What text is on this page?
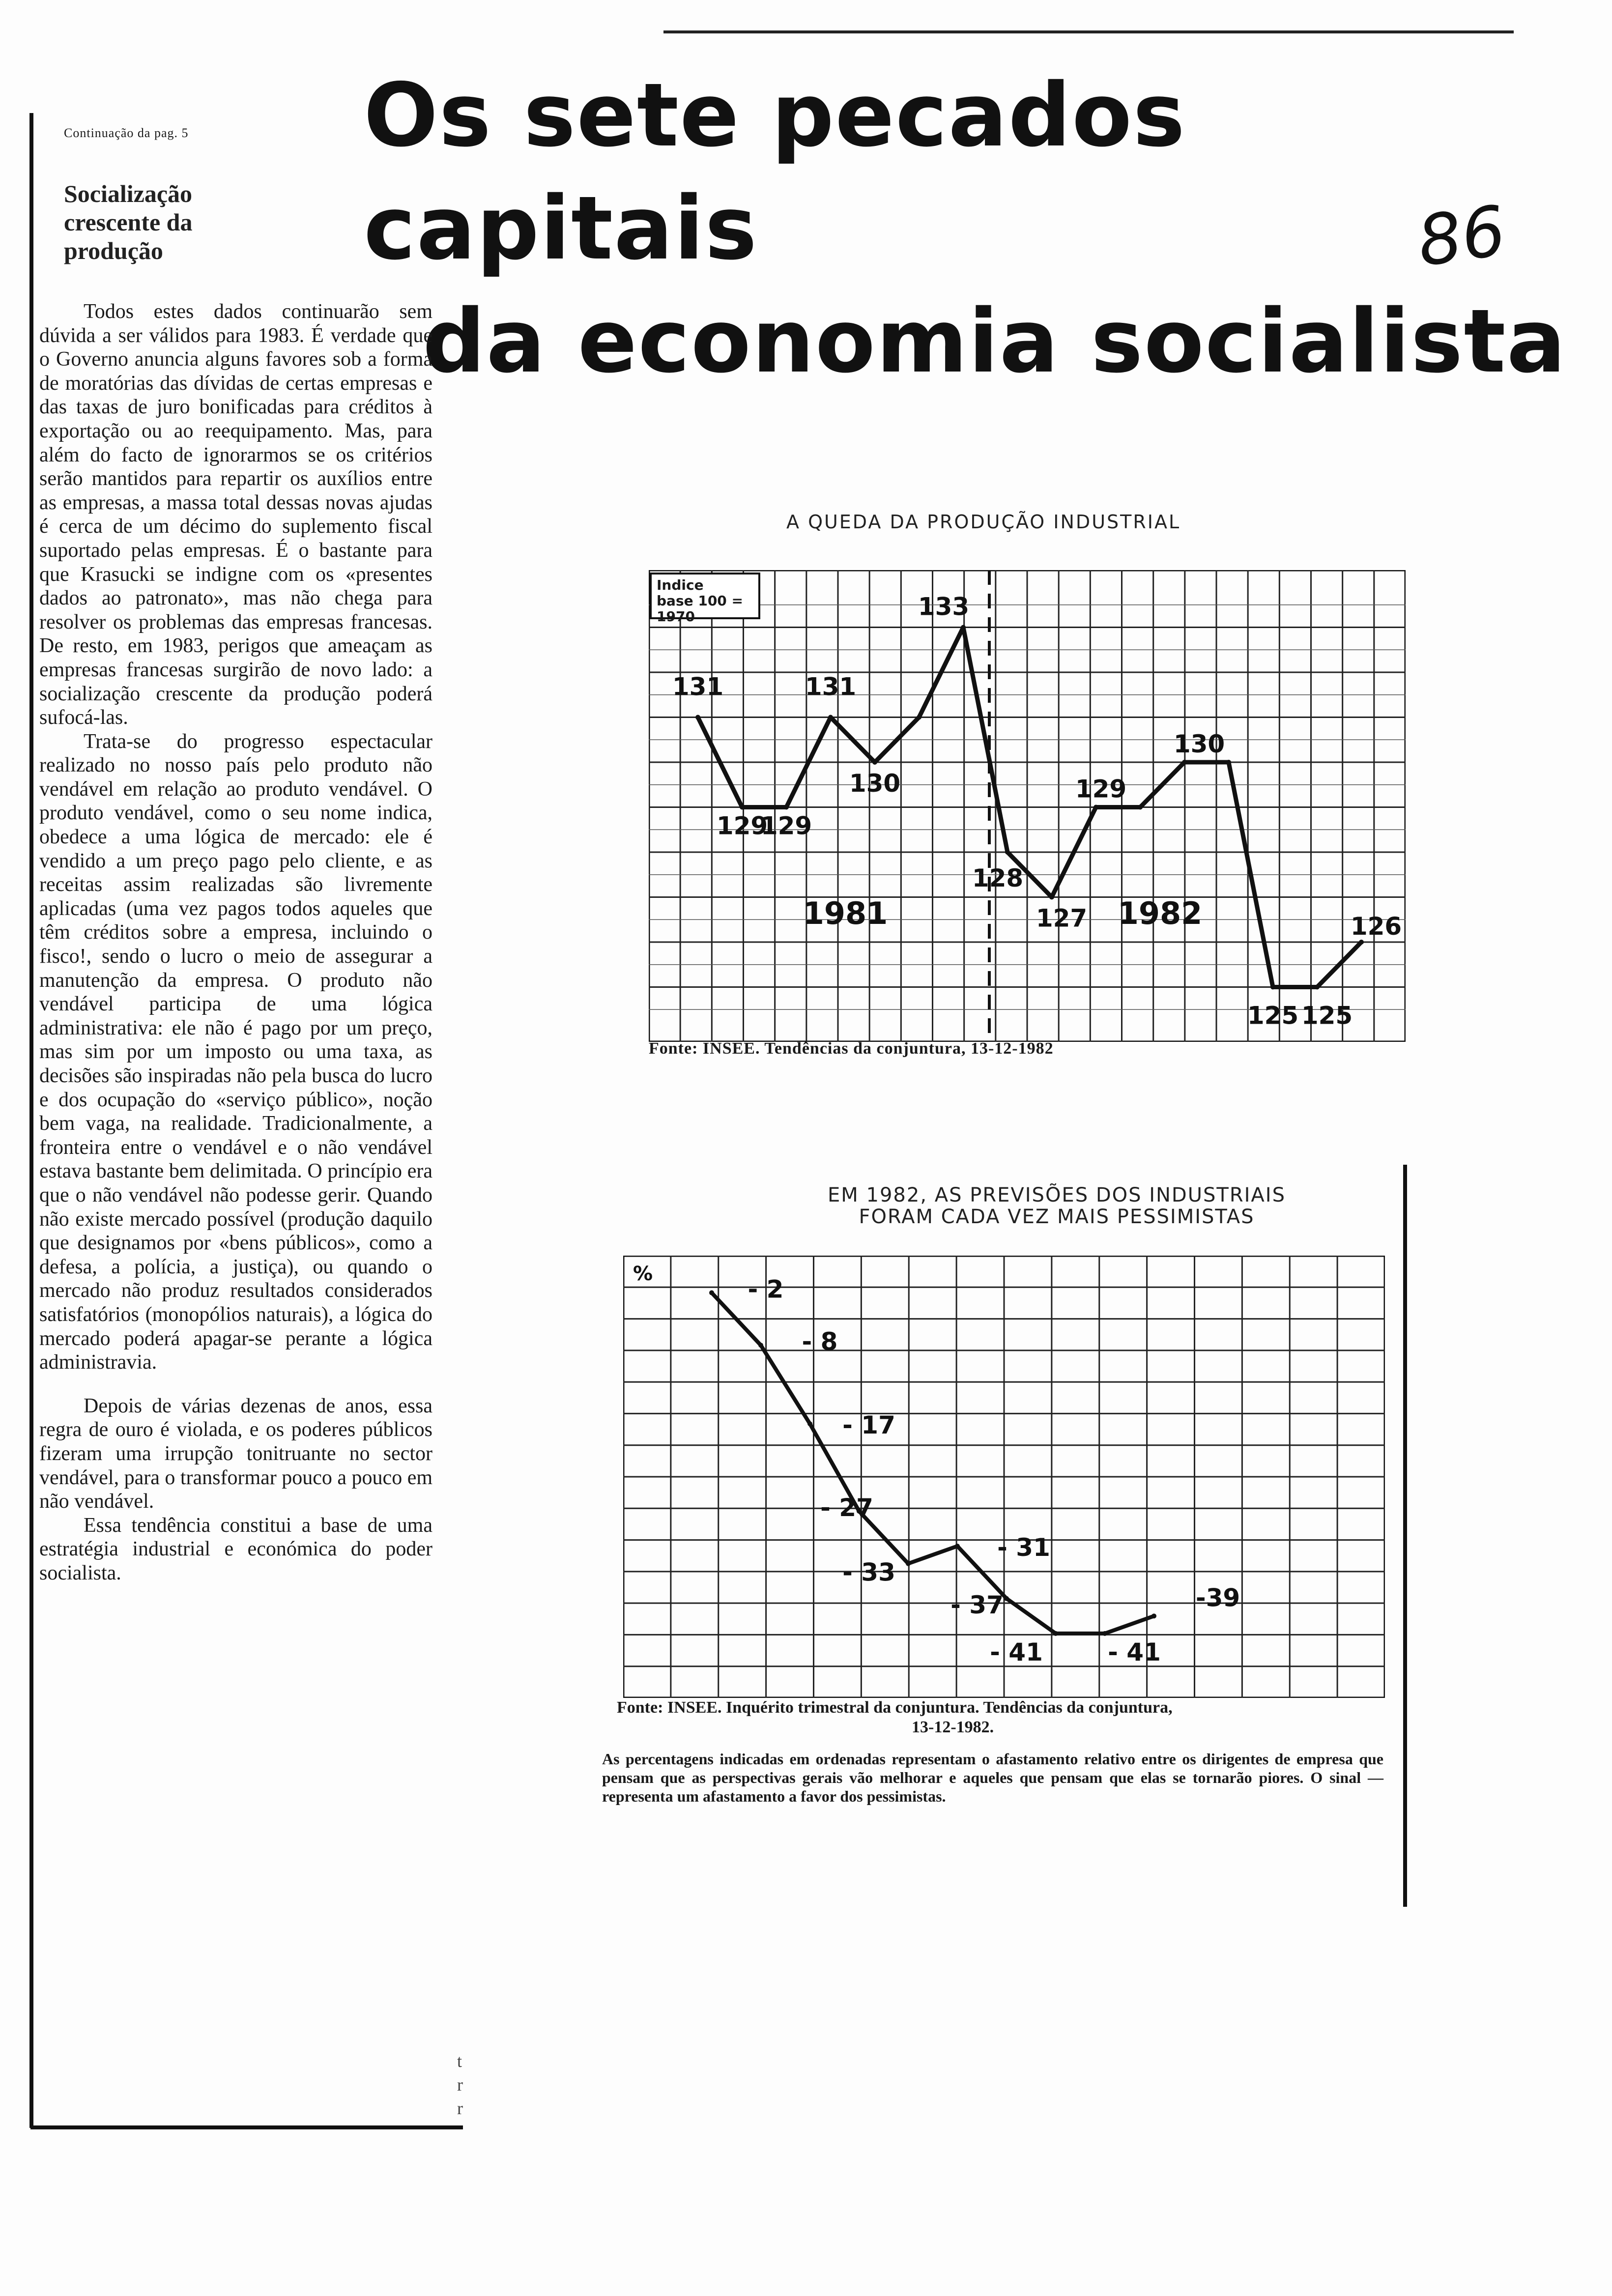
Os sete pecados capitais
da economia socialista
86
Continuação da pag. 5
Socialização crescente da produção

Todos estes dados continuarão sem dúvida a ser válidos para 1983. É verdade que o Governo anuncia alguns favores sob a forma de moratórias das dívidas de certas empresas e das taxas de juro bonificadas para créditos à exportação ou ao reequipamento. Mas, para além do facto de ignorarmos se os critérios serão mantidos para repartir os auxílios entre as empresas, a massa total dessas novas ajudas é cerca de um décimo do suplemento fiscal suportado pelas empresas. É o bastante para que Krasucki se indigne com os «presentes dados ao patronato», mas não chega para resolver os problemas das empresas francesas. De resto, em 1983, perigos que ameaçam as empresas francesas surgirão de novo lado: a socialização crescente da produção poderá sufocá-las.

Trata-se do progresso espectacular realizado no nosso país pelo produto não vendável em relação ao produto vendável. O produto vendável, como o seu nome indica, obedece a uma lógica de mercado: ele é vendido a um preço pago pelo cliente, e as receitas assim realizadas são livremente aplicadas (uma vez pagos todos aqueles que têm créditos sobre a empresa, incluindo o fisco!, sendo o lucro o meio de assegurar a manutenção da empresa. O produto não vendável participa de uma lógica administrativa: ele não é pago por um preço, mas sim por um imposto ou uma taxa, as decisões são inspiradas não pela busca do lucro e dos ocupação do «serviço público», noção bem vaga, na realidade. Tradicionalmente, a fronteira entre o vendável e o não vendável estava bastante bem delimitada. O princípio era que o não vendável não podesse gerir. Quando não existe mercado possível (produção daquilo que designamos por «bens públicos», como a defesa, a polícia, a justiça), ou quando o mercado não produz resultados considerados satisfatórios (monopólios naturais), a lógica do mercado poderá apagar-se perante a lógica administravia.

Depois de várias dezenas de anos, essa regra de ouro é violada, e os poderes públicos fizeram uma irrupção tonitruante no sector vendável, para o transformar pouco a pouco em não vendável.

Essa tendência constitui a base de uma estratégia industrial e económica do poder socialista.

t
r
r
A QUEDA DA PRODUÇÃO INDUSTRIAL
131
129
129
131
130
133
128
127
129
130
125 125
126
1981	1982
Indice
base 100 = 1970
Fonte: INSEE. Tendências da conjuntura, 13-12-1982
EM 1982, AS PREVISÕES DOS INDUSTRIAIS
FORAM CADA VEZ MAIS PESSIMISTAS
%
- 2
- 8
- 17
- 27
- 33
- 31
- 37
- 41	- 41
-39
Fonte: INSEE. Inquérito trimestral da conjuntura. Tendências da conjuntura,
13-12-1982.
As percentagens indicadas em ordenadas representam o afastamento relativo entre os dirigentes de empresa que pensam que as perspectivas gerais vão melhorar e aqueles que pensam que elas se tornarão piores. O sinal — representa um afastamento a favor dos pessimistas.
